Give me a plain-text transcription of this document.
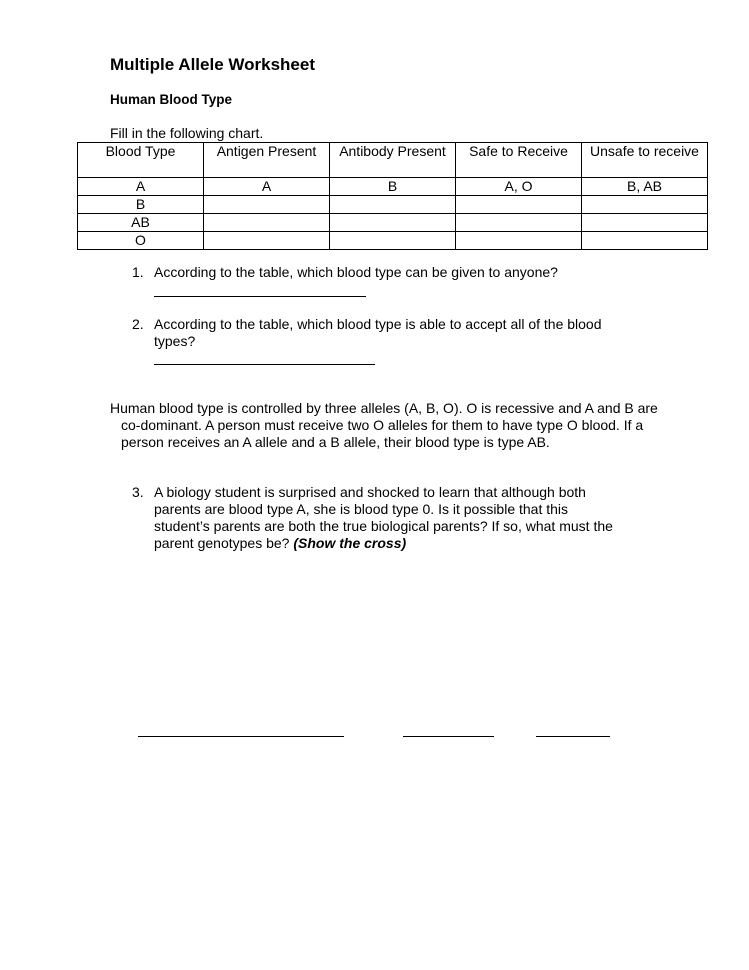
Multiple Allele Worksheet
Human Blood Type
Fill in the following chart.
Blood Type	Antigen Present	Antibody Present	Safe to Receive	Unsafe to receive
A	A	B	A, O	B, AB
B				
AB				
O				
1. According to the table, which blood type can be given to anyone?
2. According to the table, which blood type is able to accept all of the blood types?
Human blood type is controlled by three alleles (A, B, O). O is recessive and A and B are co-dominant. A person must receive two O alleles for them to have type O blood. If a person receives an A allele and a B allele, their blood type is type AB.
3. A biology student is surprised and shocked to learn that although both parents are blood type A, she is blood type 0. Is it possible that this student’s parents are both the true biological parents? If so, what must the parent genotypes be? (Show the cross)
